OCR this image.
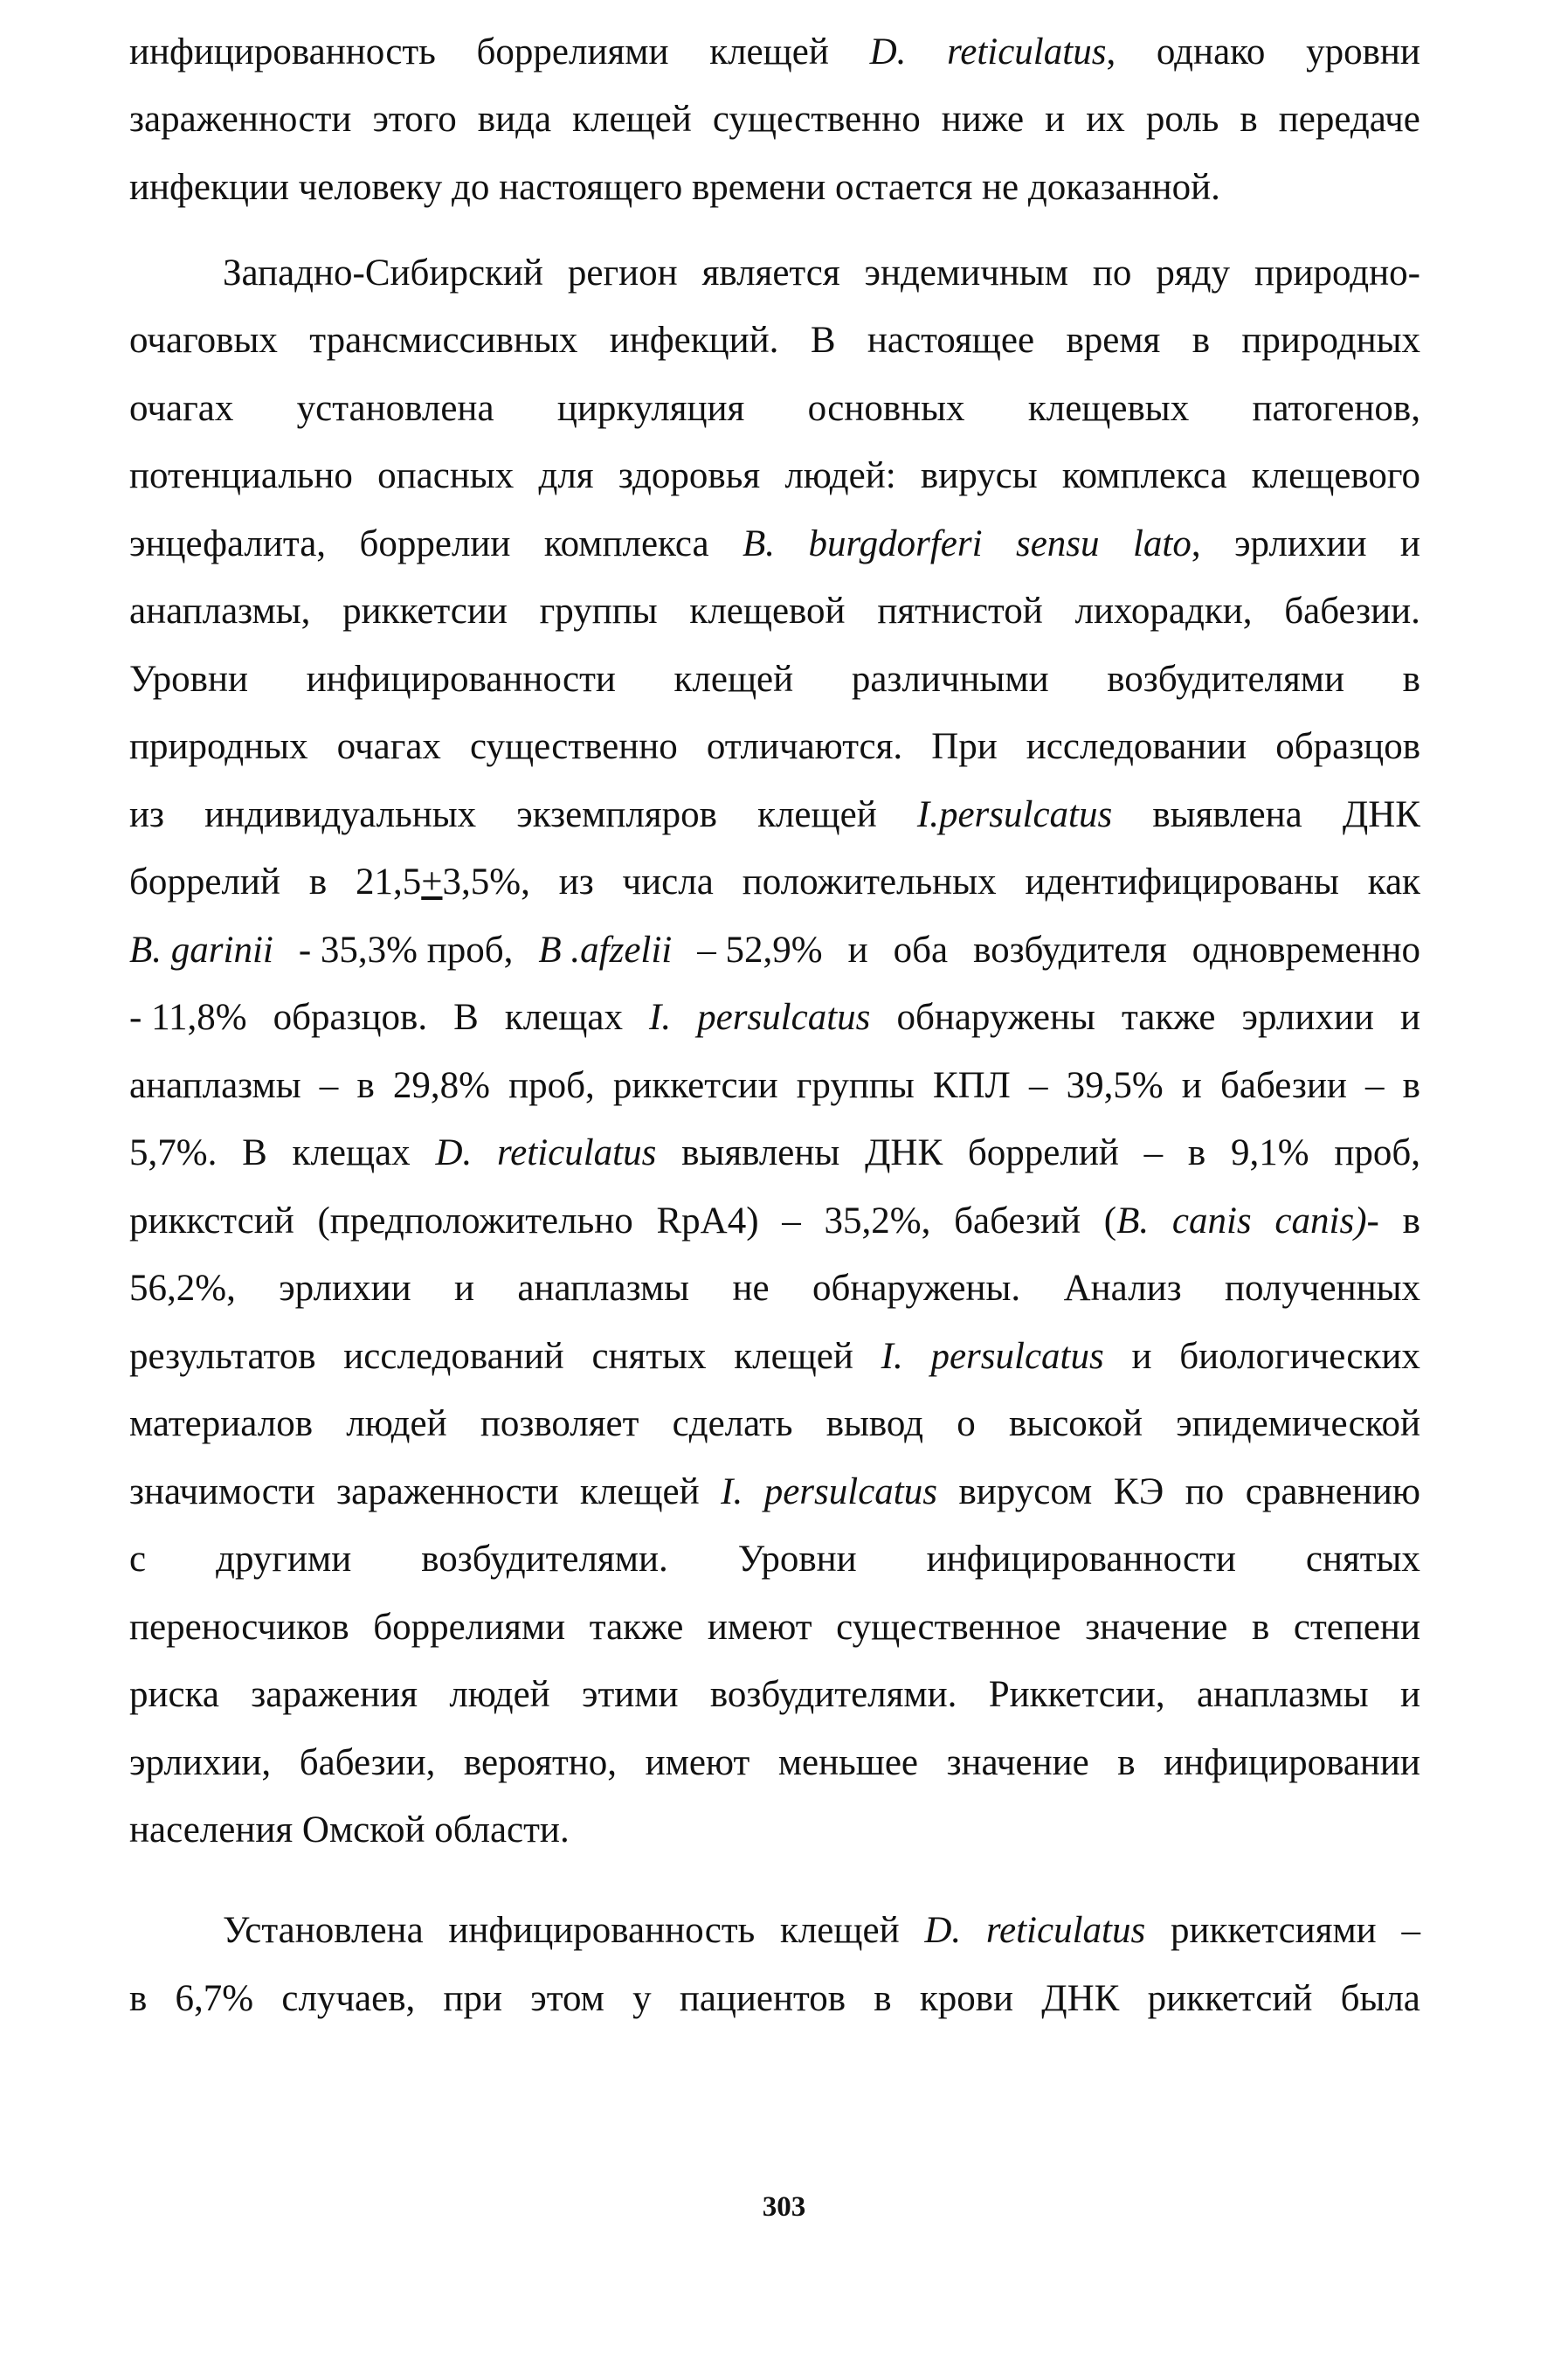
инфицированность боррелиями клещей D. reticulatus, однако уровни
зараженности этого вида клещей существенно ниже и их роль в передаче
инфекции человеку до настоящего времени остается не доказанной.
Западно-Сибирский регион является эндемичным по ряду природно-
очаговых трансмиссивных инфекций. В настоящее время в природных
очагах установлена циркуляция основных клещевых патогенов,
потенциально опасных для здоровья людей: вирусы комплекса клещевого
энцефалита, боррелии комплекса B. burgdorferi sensu lato, эрлихии и
анаплазмы, риккетсии группы клещевой пятнистой лихорадки, бабезии.
Уровни инфицированности клещей различными возбудителями в
природных очагах существенно отличаются. При исследовании образцов
из индивидуальных экземпляров клещей I.persulcatus выявлена ДНК
боррелий в 21,5+3,5%, из числа положительных идентифицированы как
B. garinii - 35,3% проб, B .afzelii – 52,9% и оба возбудителя одновременно
- 11,8% образцов. В клещах I. persulcatus обнаружены также эрлихии и
анаплазмы – в 29,8% проб, риккетсии группы КПЛ – 39,5% и бабезии – в
5,7%. В клещах D. reticulatus выявлены ДНК боррелий – в 9,1% проб,
риккстсий (предположительно RpA4) – 35,2%, бабезий (B. canis canis)- в
56,2%, эрлихии и анаплазмы не обнаружены. Анализ полученных
результатов исследований снятых клещей I. persulcatus и биологических
материалов людей позволяет сделать вывод о высокой эпидемической
значимости зараженности клещей I. persulcatus вирусом КЭ по сравнению
с другими возбудителями. Уровни инфицированности снятых
переносчиков боррелиями также имеют существенное значение в степени
риска заражения людей этими возбудителями. Риккетсии, анаплазмы и
эрлихии, бабезии, вероятно, имеют меньшее значение в инфицировании
населения Омской области.
Установлена инфицированность клещей D. reticulatus риккетсиями –
в 6,7% случаев, при этом у пациентов в крови ДНК риккетсий была
303
